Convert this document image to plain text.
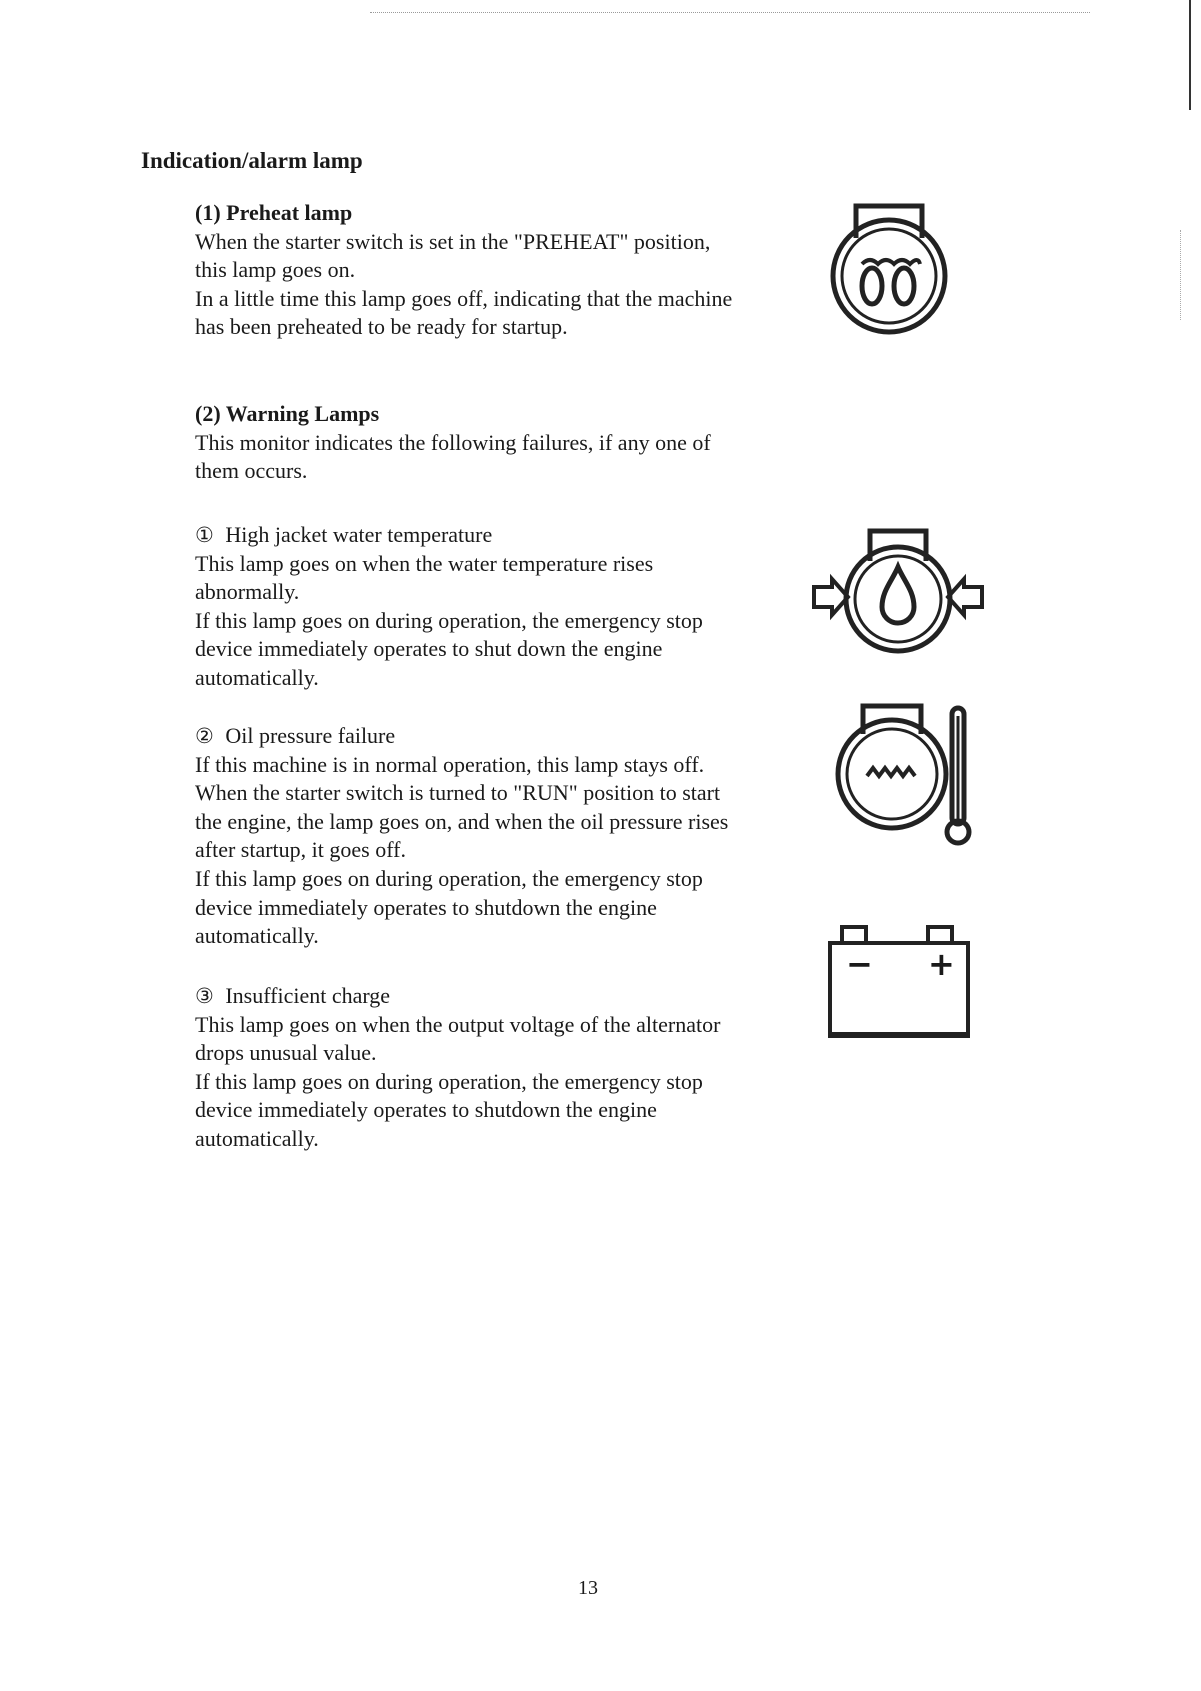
Indication/alarm lamp
(1) Preheat lamp
When the starter switch is set in the "PREHEAT" position,
this lamp goes on.
In a little time this lamp goes off, indicating that the machine
has been preheated to be ready for startup.
(2) Warning Lamps
This monitor indicates the following failures, if any one of
them occurs.
① High jacket water temperature
This lamp goes on when the water temperature rises
abnormally.
If this lamp goes on during operation, the emergency stop
device immediately operates to shut down the engine
automatically.
② Oil pressure failure
If this machine is in normal operation, this lamp stays off.
When the starter switch is turned to "RUN" position to start
the engine, the lamp goes on, and when the oil pressure rises
after startup, it goes off.
If this lamp goes on during operation, the emergency stop
device immediately operates to shutdown the engine
automatically.
③ Insufficient charge
This lamp goes on when the output voltage of the alternator
drops unusual value.
If this lamp goes on during operation, the emergency stop
device immediately operates to shutdown the engine
automatically.
− +
13
